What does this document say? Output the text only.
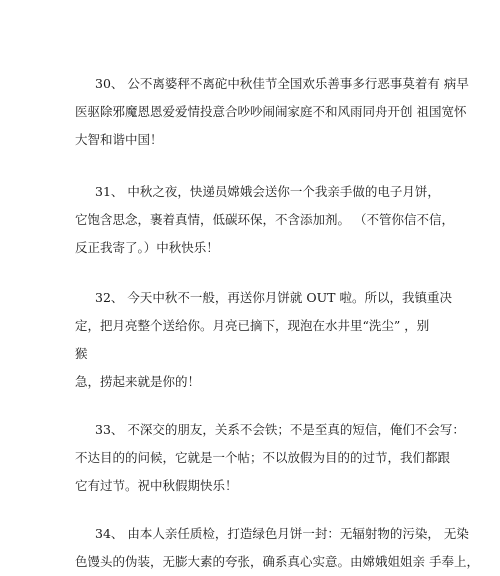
30、 公不离婆秤不离砣中秋佳节全国欢乐善事多行恶事莫着有 病早
医驱除邪魔恩恩爱爱情投意合吵吵闹闹家庭不和风雨同舟开创 祖国宽怀
大智和谐中国！
31、 中秋之夜，快递员嫦娥会送你一个我亲手做的电子月饼，
它饱含思念，裹着真情，低碳环保，不含添加剂。 （不管你信不信，
反正我寄了。）中秋快乐！
32、 今天中秋不一般，再送你月饼就 OUT 啦。所以，我镇重决
定，把月亮整个送给你。月亮已摘下，现泡在水井里“洗尘” ，别
猴
急，捞起来就是你的！
33、 不深交的朋友，关系不会铁；不是至真的短信，俺们不会写：
不达目的的问候，它就是一个帖；不以放假为目的的过节，我们都跟
它有过节。祝中秋假期快乐！
34、 由本人亲任质检，打造绿色月饼一封：无辐射物的污染， 无染
色馒头的伪装，无膨大素的夸张，确系真心实意。由嫦娥姐姐亲 手奉上，
